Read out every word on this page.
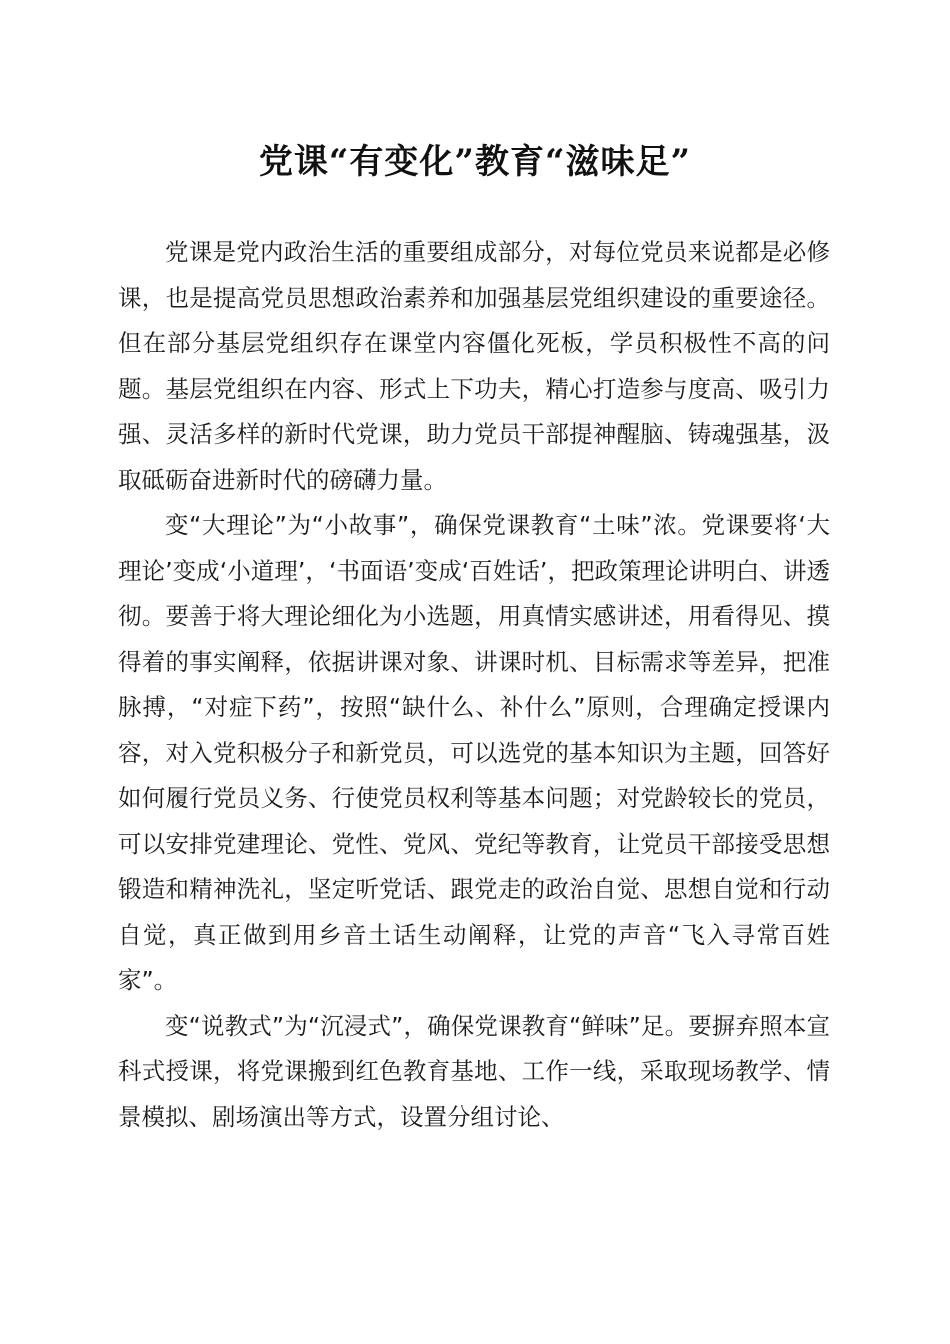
党课“有变化”教育“滋味足”

党课是党内政治生活的重要组成部分，对每位党员来说都是必修课，也是提高党员思想政治素养和加强基层党组织建设的重要途径。但在部分基层党组织存在课堂内容僵化死板，学员积极性不高的问题。基层党组织在内容、形式上下功夫，精心打造参与度高、吸引力强、灵活多样的新时代党课，助力党员干部提神醒脑、铸魂强基，汲取砥砺奋进新时代的磅礴力量。

变“大理论”为“小故事”，确保党课教育“土味”浓。党课要将‘大理论’变成‘小道理’，‘书面语’变成‘百姓话’，把政策理论讲明白、讲透彻。要善于将大理论细化为小选题，用真情实感讲述，用看得见、摸得着的事实阐释，依据讲课对象、讲课时机、目标需求等差异，把准脉搏，“对症下药”，按照“缺什么、补什么”原则，合理确定授课内容，对入党积极分子和新党员，可以选党的基本知识为主题，回答好如何履行党员义务、行使党员权利等基本问题；对党龄较长的党员，可以安排党建理论、党性、党风、党纪等教育，让党员干部接受思想锻造和精神洗礼，坚定听党话、跟党走的政治自觉、思想自觉和行动自觉，真正做到用乡音土话生动阐释，让党的声音“飞入寻常百姓家”。

变“说教式”为“沉浸式”，确保党课教育“鲜味”足。要摒弃照本宣科式授课，将党课搬到红色教育基地、工作一线，采取现场教学、情景模拟、剧场演出等方式，设置分组讨论、
